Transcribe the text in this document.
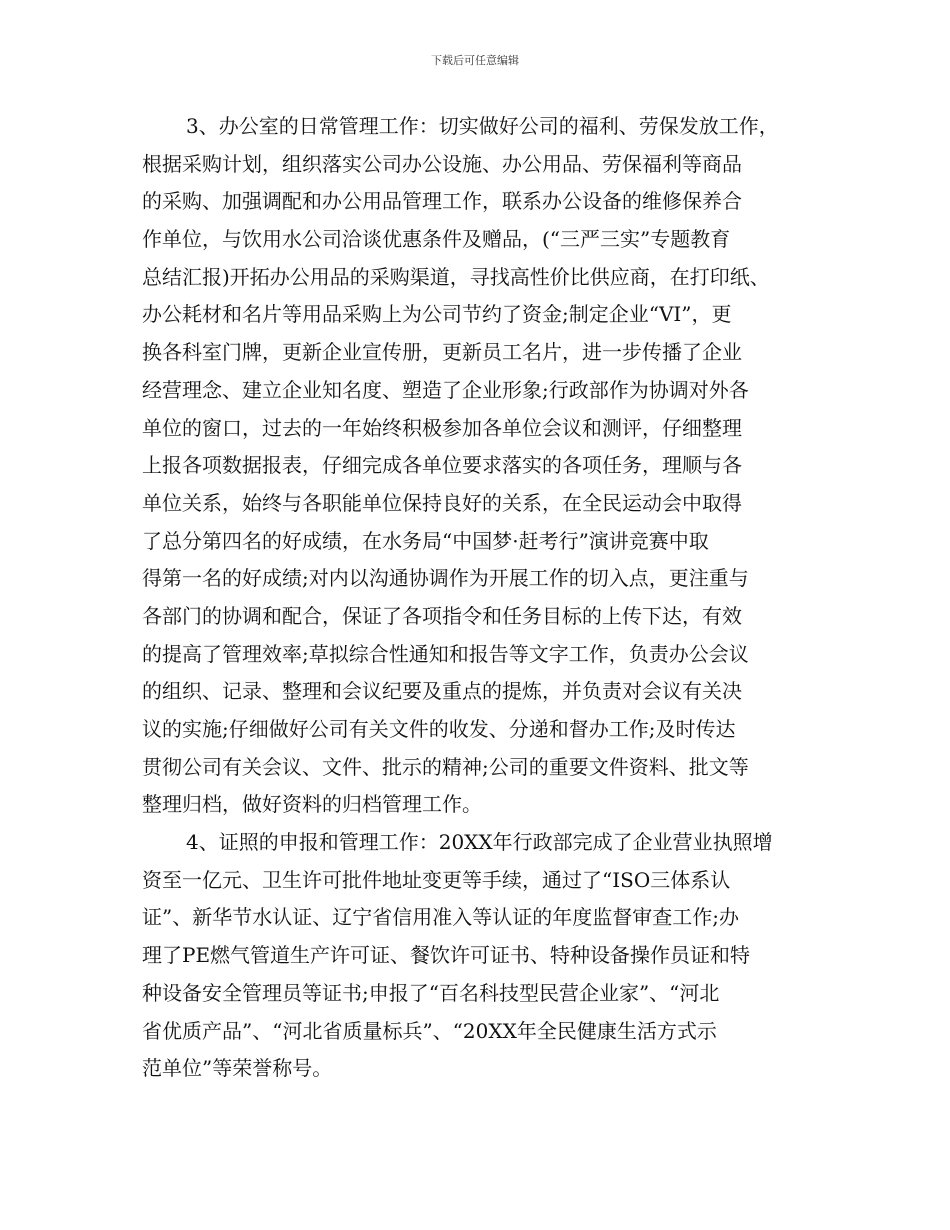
下载后可任意编辑
3、办公室的日常管理工作：切实做好公司的福利、劳保发放工作，
根据采购计划，组织落实公司办公设施、办公用品、劳保福利等商品
的采购、加强调配和办公用品管理工作，联系办公设备的维修保养合
作单位，与饮用水公司洽谈优惠条件及赠品，(“三严三实”专题教育
总结汇报)开拓办公用品的采购渠道，寻找高性价比供应商，在打印纸、
办公耗材和名片等用品采购上为公司节约了资金;制定企业“VI”，更
换各科室门牌，更新企业宣传册，更新员工名片，进一步传播了企业
经营理念、建立企业知名度、塑造了企业形象;行政部作为协调对外各
单位的窗口，过去的一年始终积极参加各单位会议和测评，仔细整理
上报各项数据报表，仔细完成各单位要求落实的各项任务，理顺与各
单位关系，始终与各职能单位保持良好的关系，在全民运动会中取得
了总分第四名的好成绩，在水务局“中国梦·赶考行”演讲竞赛中取
得第一名的好成绩;对内以沟通协调作为开展工作的切入点，更注重与
各部门的协调和配合，保证了各项指令和任务目标的上传下达，有效
的提高了管理效率;草拟综合性通知和报告等文字工作，负责办公会议
的组织、记录、整理和会议纪要及重点的提炼，并负责对会议有关决
议的实施;仔细做好公司有关文件的收发、分递和督办工作;及时传达
贯彻公司有关会议、文件、批示的精神;公司的重要文件资料、批文等
整理归档，做好资料的归档管理工作。
4、证照的申报和管理工作：20XX年行政部完成了企业营业执照增
资至一亿元、卫生许可批件地址变更等手续，通过了“ISO三体系认
证”、新华节水认证、辽宁省信用准入等认证的年度监督审查工作;办
理了PE燃气管道生产许可证、餐饮许可证书、特种设备操作员证和特
种设备安全管理员等证书;申报了“百名科技型民营企业家”、“河北
省优质产品”、“河北省质量标兵”、“20XX年全民健康生活方式示
范单位”等荣誉称号。
